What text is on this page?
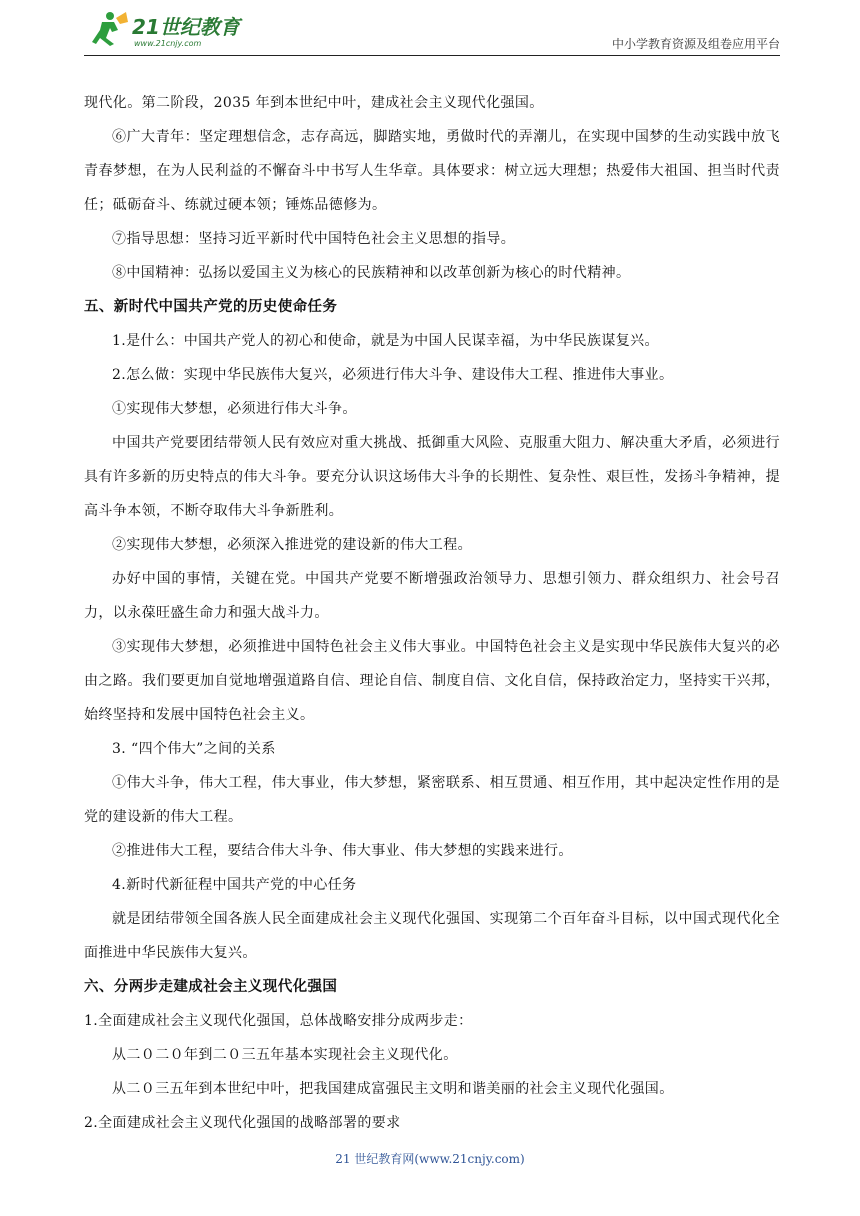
21世纪教育
www.21cnjy.com	中小学教育资源及组卷应用平台

现代化。第二阶段，2035 年到本世纪中叶，建成社会主义现代化强国。

⑥广大青年：坚定理想信念，志存高远，脚踏实地，勇做时代的弄潮儿，在实现中国梦的生动实践中放飞青春梦想，在为人民利益的不懈奋斗中书写人生华章。具体要求：树立远大理想；热爱伟大祖国、担当时代责任；砥砺奋斗、练就过硬本领；锤炼品德修为。

⑦指导思想：坚持习近平新时代中国特色社会主义思想的指导。

⑧中国精神：弘扬以爱国主义为核心的民族精神和以改革创新为核心的时代精神。

五、新时代中国共产党的历史使命任务

1.是什么：中国共产党人的初心和使命，就是为中国人民谋幸福，为中华民族谋复兴。

2.怎么做：实现中华民族伟大复兴，必须进行伟大斗争、建设伟大工程、推进伟大事业。

①实现伟大梦想，必须进行伟大斗争。

中国共产党要团结带领人民有效应对重大挑战、抵御重大风险、克服重大阻力、解决重大矛盾，必须进行具有许多新的历史特点的伟大斗争。要充分认识这场伟大斗争的长期性、复杂性、艰巨性，发扬斗争精神，提高斗争本领，不断夺取伟大斗争新胜利。

②实现伟大梦想，必须深入推进党的建设新的伟大工程。

办好中国的事情，关键在党。中国共产党要不断增强政治领导力、思想引领力、群众组织力、社会号召力，以永葆旺盛生命力和强大战斗力。

③实现伟大梦想，必须推进中国特色社会主义伟大事业。中国特色社会主义是实现中华民族伟大复兴的必由之路。我们要更加自觉地增强道路自信、理论自信、制度自信、文化自信，保持政治定力，坚持实干兴邦，始终坚持和发展中国特色社会主义。

3. “四个伟大”之间的关系

①伟大斗争，伟大工程，伟大事业，伟大梦想，紧密联系、相互贯通、相互作用，其中起决定性作用的是党的建设新的伟大工程。

②推进伟大工程，要结合伟大斗争、伟大事业、伟大梦想的实践来进行。

4.新时代新征程中国共产党的中心任务

就是团结带领全国各族人民全面建成社会主义现代化强国、实现第二个百年奋斗目标，以中国式现代化全面推进中华民族伟大复兴。

六、分两步走建成社会主义现代化强国

1.全面建成社会主义现代化强国，总体战略安排分成两步走：

从二０二０年到二０三五年基本实现社会主义现代化。

从二０三五年到本世纪中叶，把我国建成富强民主文明和谐美丽的社会主义现代化强国。

2.全面建成社会主义现代化强国的战略部署的要求

21 世纪教育网(www.21cnjy.com)
